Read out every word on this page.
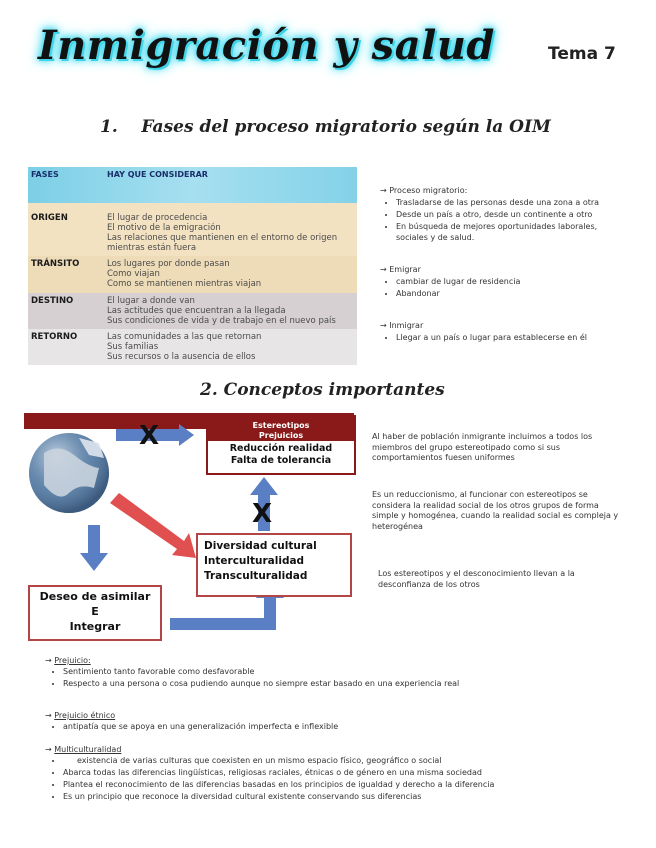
Inmigración y salud	Tema 7
1.    Fases del proceso migratorio según la OIM
FASES	HAY QUE CONSIDERAR
ORIGEN	El lugar de procedencia
El motivo de la emigración
Las relaciones que mantienen en el entorno de origen mientras están fuera

TRÁNSITO	Los lugares por donde pasan
Como viajan
Como se mantienen mientras viajan

DESTINO	El lugar a donde van
Las actitudes que encuentran a la llegada
Sus condiciones de vida y de trabajo en el nuevo país

RETORNO	Las comunidades a las que retornan
Sus familias
Sus recursos o la ausencia de ellos
→ Proceso migratorio:
• Trasladarse de las personas desde una zona a otra
• Desde un país a otro, desde un continente a otro
• En búsqueda de mejores oportunidades laborales, sociales y de salud.
→ Emigrar
• cambiar de lugar de residencia
• Abandonar
→ Inmigrar
• Llegar a un país o lugar para establecerse en él
2. Conceptos importantes
Estereotipos
Prejuicios
Reducción realidad
Falta de tolerancia
Diversidad cultural
Interculturalidad
Transculturalidad
Deseo de asimilar
E
Integrar
X
X
Al haber de población inmigrante incluimos a todos los miembros del grupo estereotipado como si sus comportamientos fuesen uniformes
Es un reduccionismo, al funcionar con estereotipos se considera la realidad social de los otros grupos de forma simple y homogénea, cuando la realidad social es compleja y heterogénea
Los estereotipos y el desconocimiento llevan a la desconfianza de los otros
→ Prejuicio:
• Sentimiento tanto favorable como desfavorable
• Respecto a una persona o cosa pudiendo aunque no siempre estar basado en una experiencia real
→ Prejuicio étnico
• antipatía que se apoya en una generalización imperfecta e inflexible
→ Multiculturalidad
• existencia de varias culturas que coexisten en un mismo espacio físico, geográfico o social
• Abarca todas las diferencias lingüísticas, religiosas raciales, étnicas o de género en una misma sociedad
• Plantea el reconocimiento de las diferencias basadas en los principios de igualdad y derecho a la diferencia
• Es un principio que reconoce la diversidad cultural existente conservando sus diferencias
